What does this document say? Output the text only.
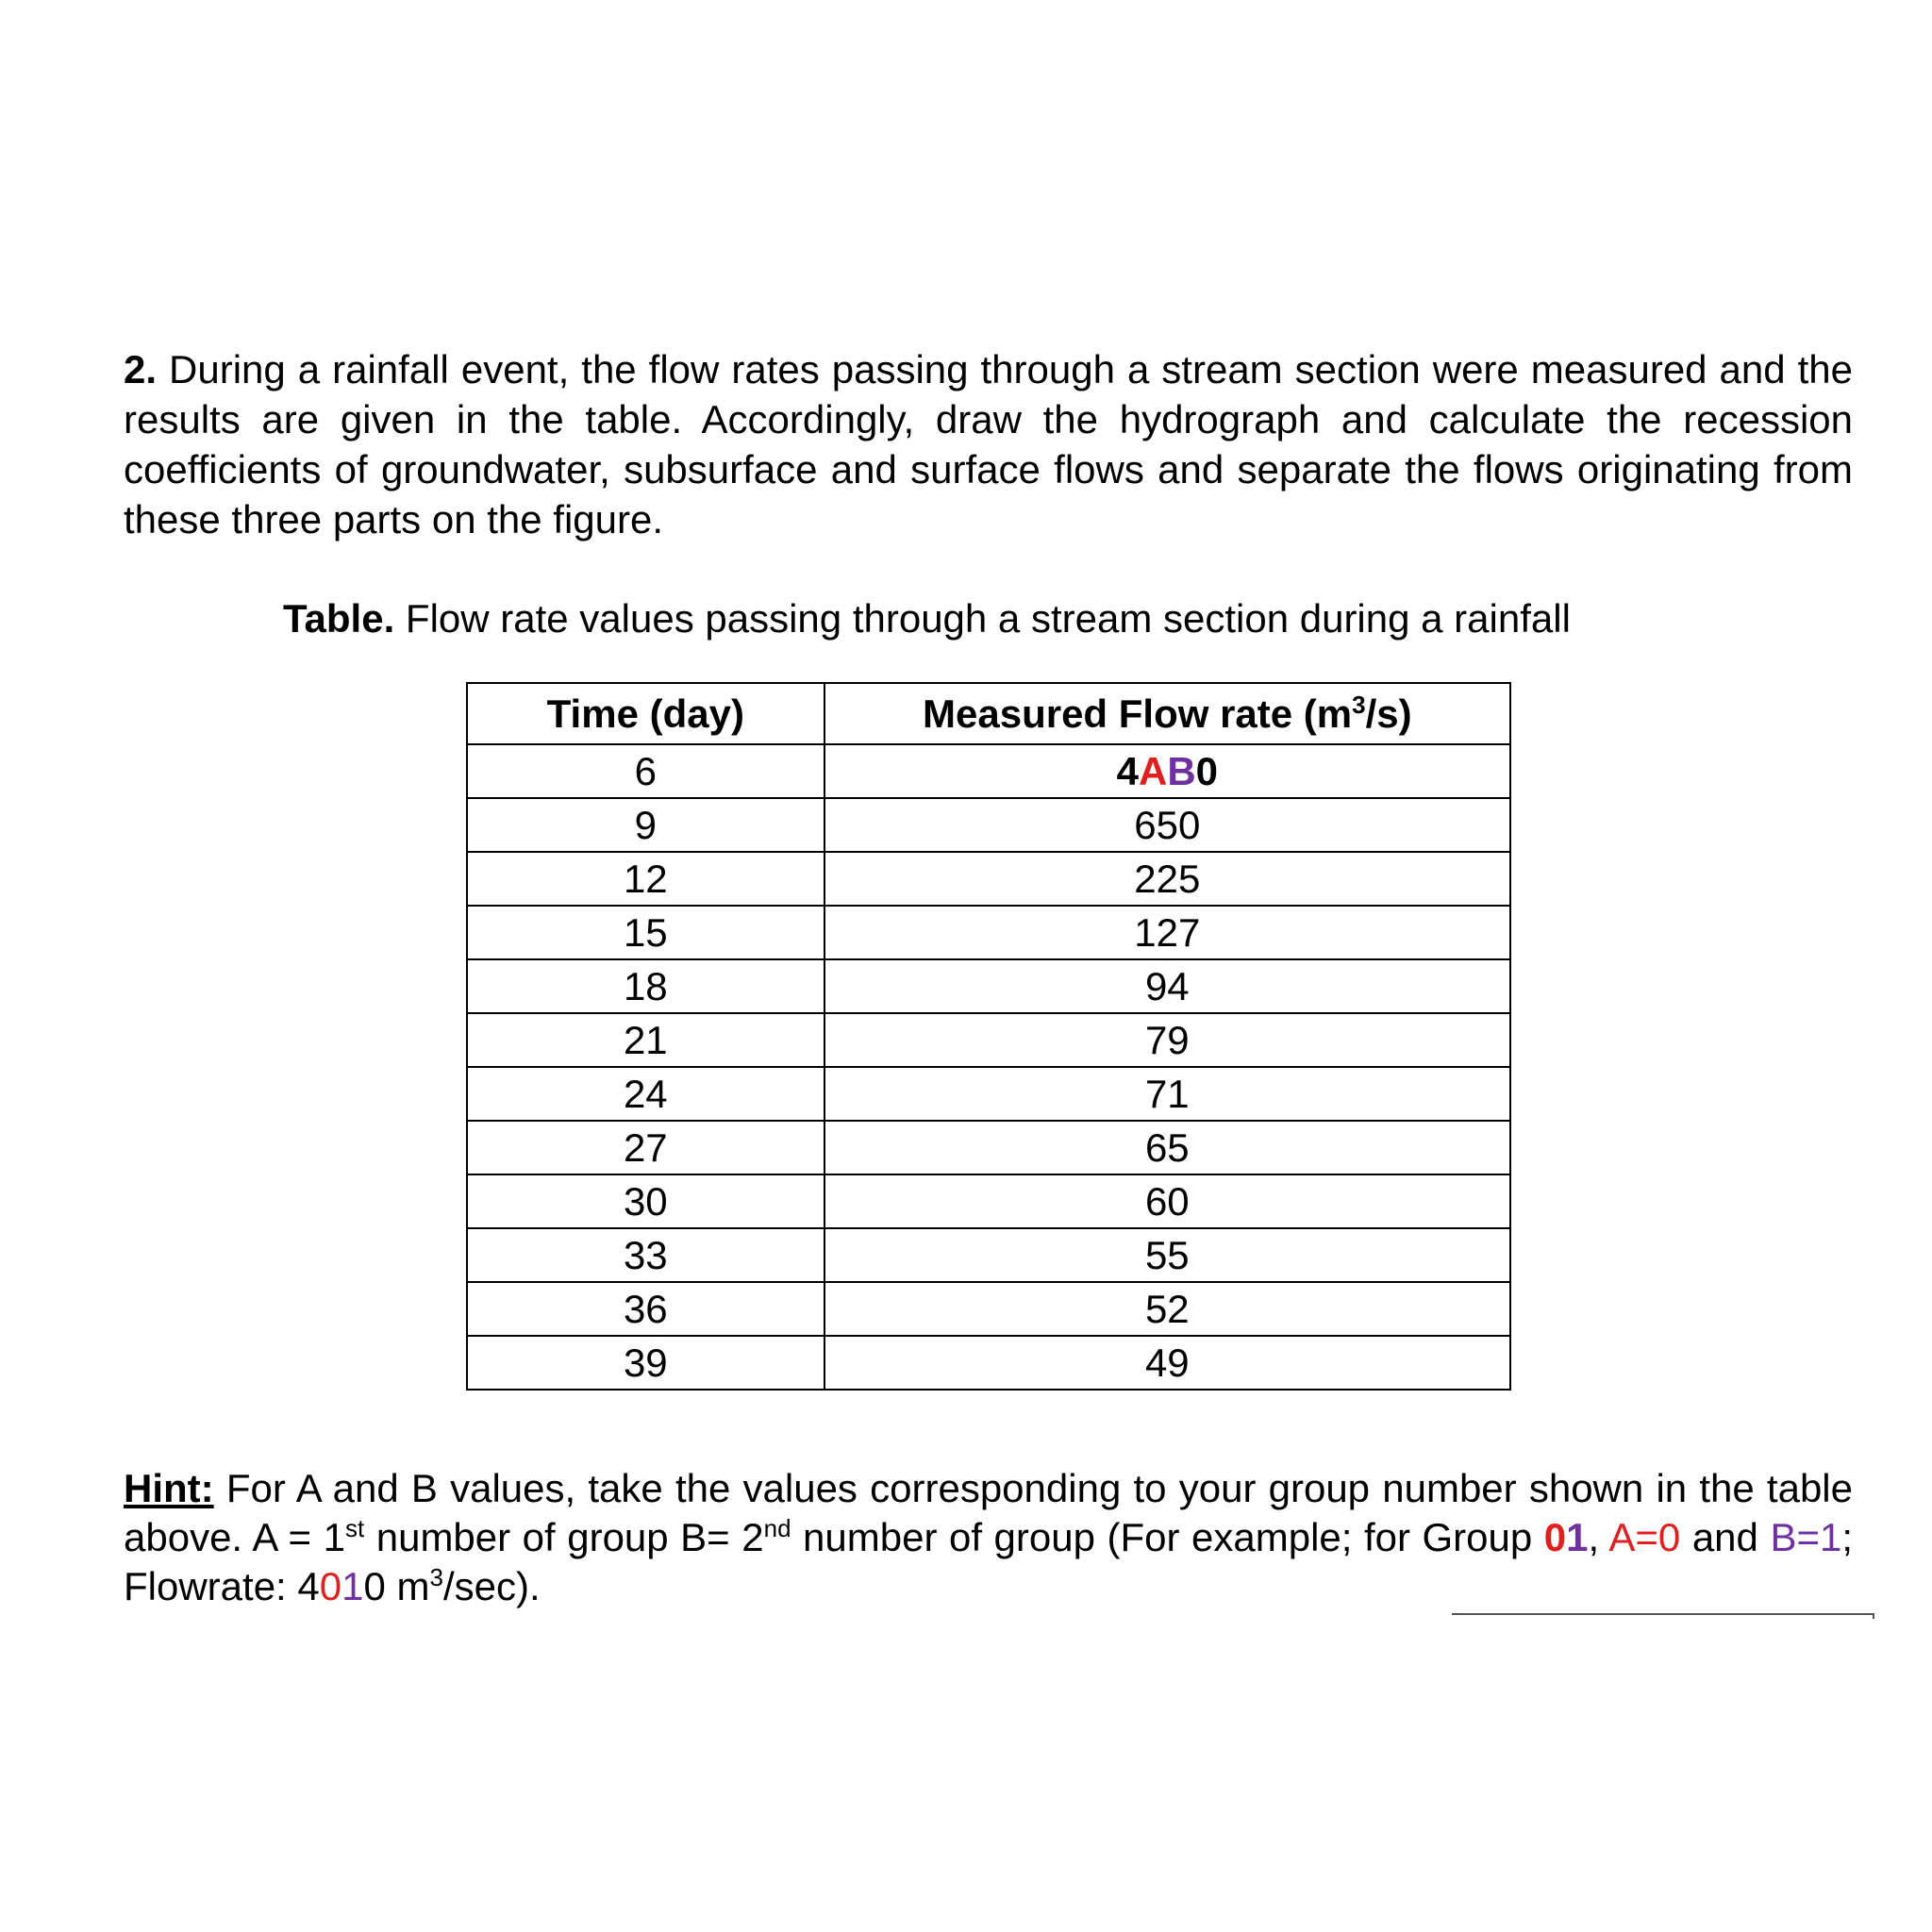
2. During a rainfall event, the flow rates passing through a stream section were measured and the results are given in the table. Accordingly, draw the hydrograph and calculate the recession coefficients of groundwater, subsurface and surface flows and separate the flows originating from these three parts on the figure.

Table. Flow rate values passing through a stream section during a rainfall

Time (day)	Measured Flow rate $(m^3/s)$
6	4AB0
9	650
12	225
15	127
18	94
21	79
24	71
27	65
30	60
33	55
36	52
39	49

Hint: For A and B values, take the values corresponding to your group number shown in the table above. A = 1st number of group B= 2nd number of group (For example; for Group 01, A=0 and B=1; Flowrate: 4010 $m^3/\sec$).
